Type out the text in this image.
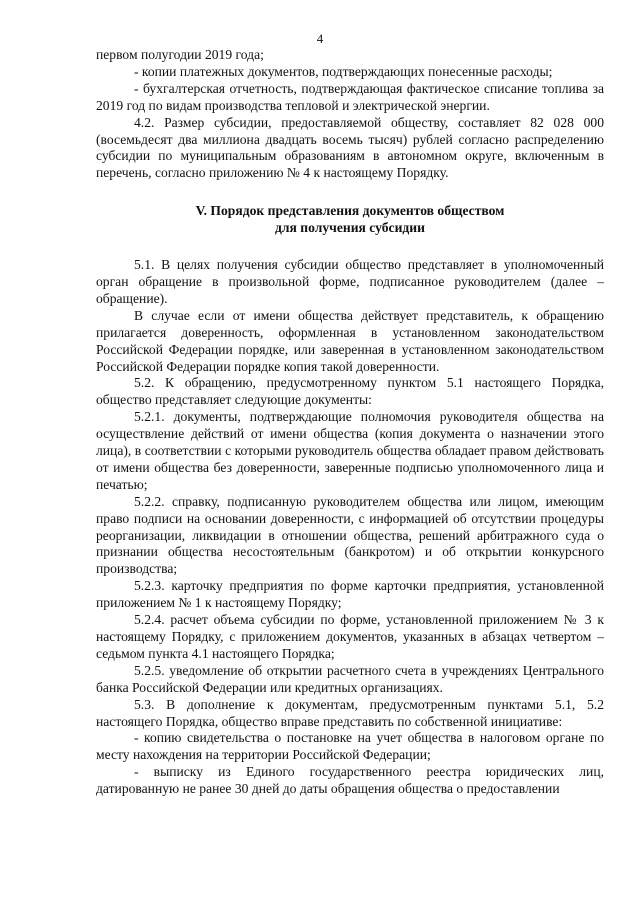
4

первом полугодии 2019 года;

- копии платежных документов, подтверждающих понесенные расходы;

- бухгалтерская отчетность, подтверждающая фактическое списание топлива за 2019 год по видам производства тепловой и электрической энергии.

4.2. Размер субсидии, предоставляемой обществу, составляет 82 028 000 (восемьдесят два миллиона двадцать восемь тысяч) рублей согласно распределению субсидии по муниципальным образованиям в автономном округе, включенным в перечень, согласно приложению № 4 к настоящему Порядку.

V. Порядок представления документов обществом
для получения субсидии

5.1. В целях получения субсидии общество представляет в уполномоченный орган обращение в произвольной форме, подписанное руководителем (далее – обращение).

В случае если от имени общества действует представитель, к обращению прилагается доверенность, оформленная в установленном законодательством Российской Федерации порядке, или заверенная в установленном законодательством Российской Федерации порядке копия такой доверенности.

5.2. К обращению, предусмотренному пунктом 5.1 настоящего Порядка, общество представляет следующие документы:

5.2.1. документы, подтверждающие полномочия руководителя общества на осуществление действий от имени общества (копия документа о назначении этого лица), в соответствии с которыми руководитель общества обладает правом действовать от имени общества без доверенности, заверенные подписью уполномоченного лица и печатью;

5.2.2. справку, подписанную руководителем общества или лицом, имеющим право подписи на основании доверенности, с информацией об отсутствии процедуры реорганизации, ликвидации в отношении общества, решений арбитражного суда о признании общества несостоятельным (банкротом) и об открытии конкурсного производства;

5.2.3. карточку предприятия по форме карточки предприятия, установленной приложением № 1 к настоящему Порядку;

5.2.4. расчет объема субсидии по форме, установленной приложением № 3 к настоящему Порядку, с приложением документов, указанных в абзацах четвертом – седьмом пункта 4.1 настоящего Порядка;

5.2.5. уведомление об открытии расчетного счета в учреждениях Центрального банка Российской Федерации или кредитных организациях.

5.3. В дополнение к документам, предусмотренным пунктами 5.1, 5.2 настоящего Порядка, общество вправе представить по собственной инициативе:

- копию свидетельства о постановке на учет общества в налоговом органе по месту нахождения на территории Российской Федерации;

- выписку из Единого государственного реестра юридических лиц, датированную не ранее 30 дней до даты обращения общества о предоставлении
